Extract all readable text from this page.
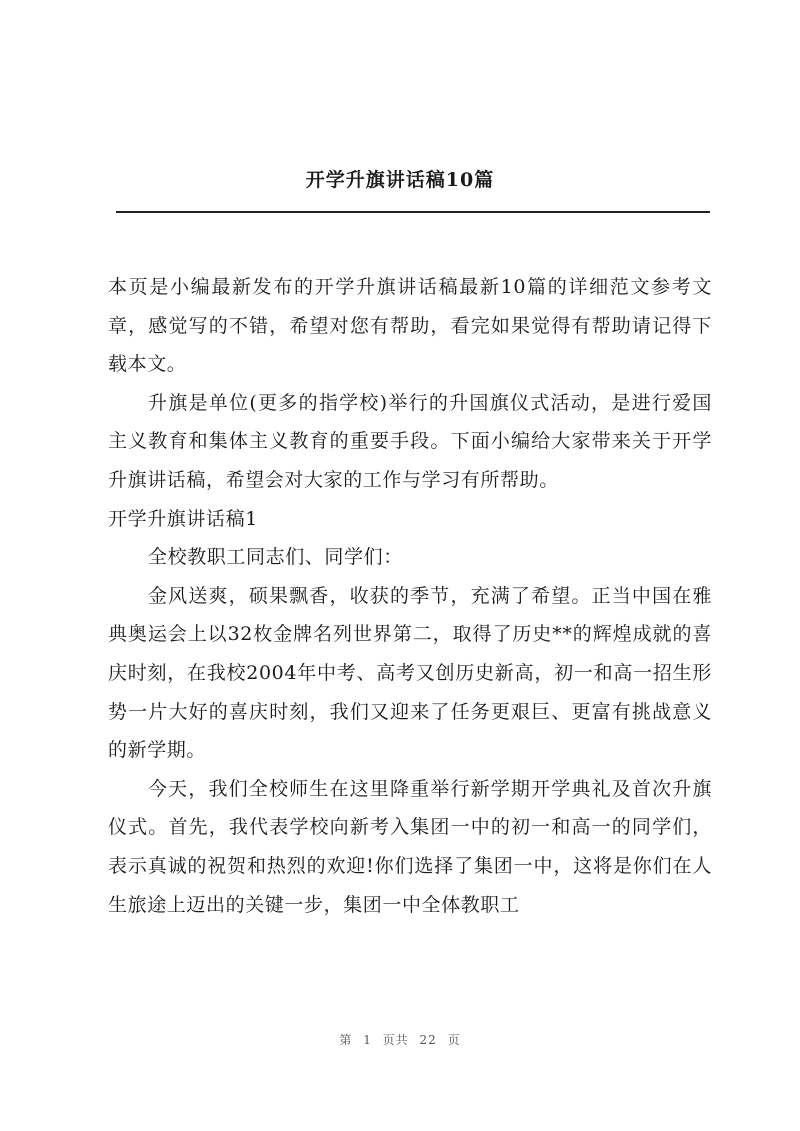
开学升旗讲话稿10篇

本页是小编最新发布的开学升旗讲话稿最新10篇的详细范文参考文章，感觉写的不错，希望对您有帮助，看完如果觉得有帮助请记得下载本文。

升旗是单位(更多的指学校)举行的升国旗仪式活动，是进行爱国主义教育和集体主义教育的重要手段。下面小编给大家带来关于开学升旗讲话稿，希望会对大家的工作与学习有所帮助。

开学升旗讲话稿1

全校教职工同志们、同学们：

金风送爽，硕果飘香，收获的季节，充满了希望。正当中国在雅典奥运会上以32枚金牌名列世界第二，取得了历史**的辉煌成就的喜庆时刻，在我校2004年中考、高考又创历史新高，初一和高一招生形势一片大好的喜庆时刻，我们又迎来了任务更艰巨、更富有挑战意义的新学期。

今天，我们全校师生在这里降重举行新学期开学典礼及首次升旗仪式。首先，我代表学校向新考入集团一中的初一和高一的同学们，表示真诚的祝贺和热烈的欢迎!你们选择了集团一中，这将是你们在人生旅途上迈出的关键一步，集团一中全体教职工

第 1 页共 22 页
